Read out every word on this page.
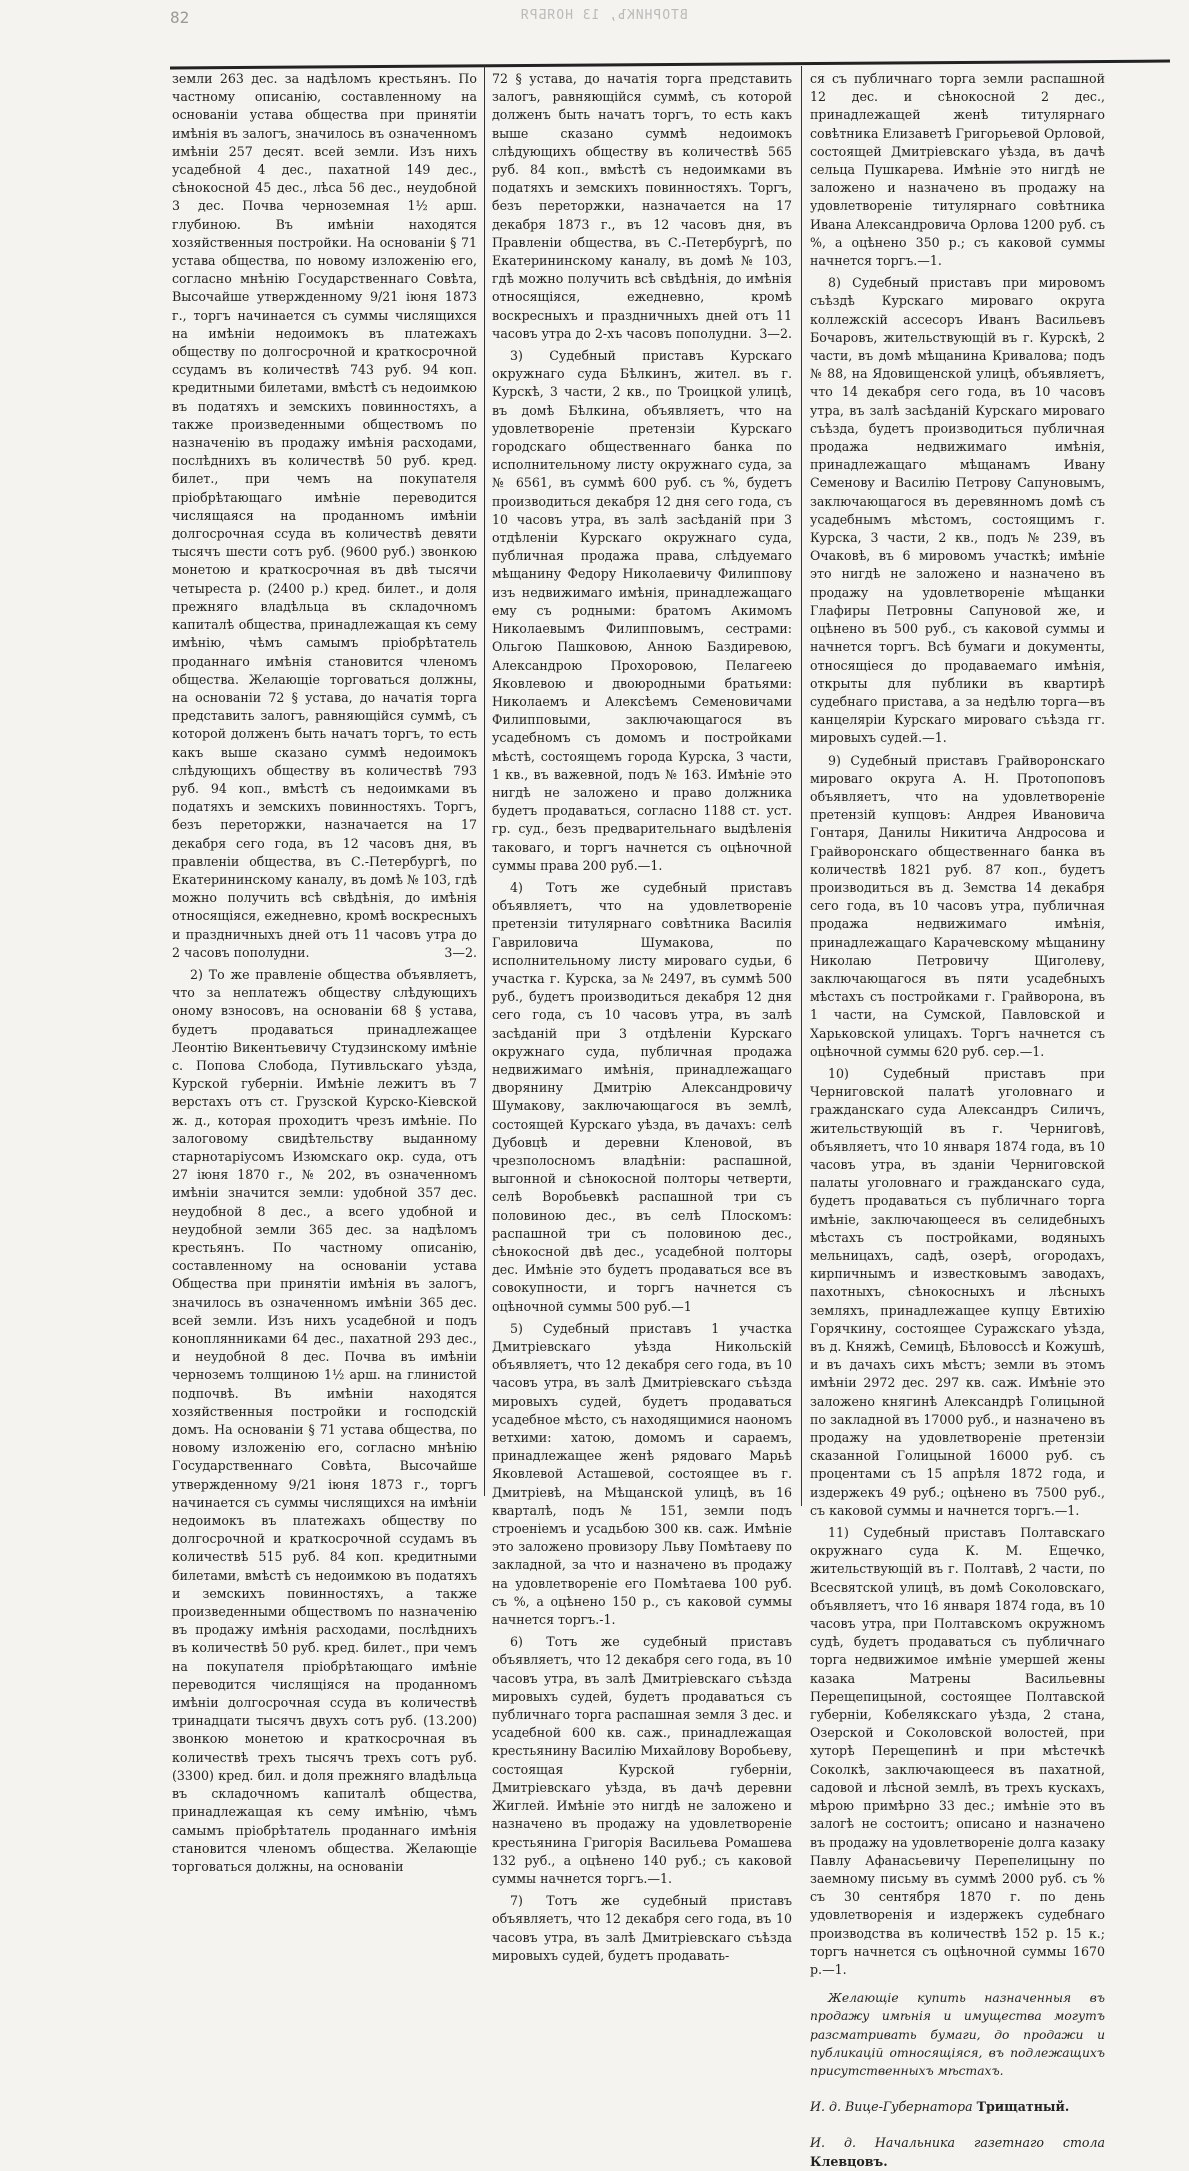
82	ВТОРНИКЪ, 13 НОЯБРЯ

земли 263 дес. за надѣломъ крестьянъ. По частному описанію, составленному на основаніи устава общества при принятіи имѣнія въ залогъ, значилось въ означенномъ имѣніи 257 десят. всей земли. Изъ нихъ усадебной 4 дес., пахатной 149 дес., сѣнокосной 45 дес., лѣса 56 дес., неудобной 3 дес. Почва черноземная 1½ арш. глубиною. Въ имѣніи находятся хозяйственныя постройки. На основаніи § 71 устава общества, по новому изложенію его, согласно мнѣнію Государственнаго Совѣта, Высочайше утвержденному 9/21 іюня 1873 г., торгъ начинается съ суммы числящихся на имѣніи недоимокъ въ платежахъ обществу по долгосрочной и краткосрочной ссудамъ въ количествѣ 743 руб. 94 коп. кредитными билетами, вмѣстѣ съ недоимкою въ податяхъ и земскихъ повинностяхъ, а также произведенными обществомъ по назначенію въ продажу имѣнія расходами, послѣднихъ въ количествѣ 50 руб. кред. билет., при чемъ на покупателя пріобрѣтающаго имѣніе переводится числящаяся на проданномъ имѣніи долгосрочная ссуда въ количествѣ девяти тысячъ шести сотъ руб. (9600 руб.) звонкою монетою и краткосрочная въ двѣ тысячи четыреста р. (2400 р.) кред. билет., и доля прежняго владѣльца въ складочномъ капиталѣ общества, принадлежащая къ сему имѣнію, чѣмъ самымъ пріобрѣтатель проданнаго имѣнія становится членомъ общества. Желающіе торговаться должны, на основаніи 72 § устава, до начатія торга представить залогъ, равняющійся суммѣ, съ которой долженъ быть начатъ торгъ, то есть какъ выше сказано суммѣ недоимокъ слѣдующихъ обществу въ количествѣ 793 руб. 94 коп., вмѣстѣ съ недоимками въ податяхъ и земскихъ повинностяхъ. Торгъ, безъ переторжки, назначается на 17 декабря сего года, въ 12 часовъ дня, въ правленіи общества, въ С.-Петербургѣ, по Екатерининскому каналу, въ домѣ № 103, гдѣ можно получить всѣ свѣдѣнія, до имѣнія относящіяся, ежедневно, кромѣ воскресныхъ и праздничныхъ дней отъ 11 часовъ утра до 2 часовъ пополудни.	3—2.

2) То же правленіе общества объявляетъ, что за неплатежъ обществу слѣдующихъ оному взносовъ, на основаніи 68 § устава, будетъ продаваться принадлежащее Леонтію Викентьевичу Студзинскому имѣніе с. Попова Слобода, Путивльскаго уѣзда, Курской губерніи. Имѣніе лежитъ въ 7 верстахъ отъ ст. Грузской Курско-Кіевской ж. д., которая проходитъ чрезъ имѣніе. По залоговому свидѣтельству выданному старнотаріусомъ Изюмскаго окр. суда, отъ 27 іюня 1870 г., № 202, въ означенномъ имѣніи значится земли: удобной 357 дес. неудобной 8 дес., а всего удобной и неудобной земли 365 дес. за надѣломъ крестьянъ. По частному описанію, составленному на основаніи устава Общества при принятіи имѣнія въ залогъ, значилось въ означенномъ имѣніи 365 дес. всей земли. Изъ нихъ усадебной и подъ коноплянниками 64 дес., пахатной 293 дес., и неудобной 8 дес. Почва въ имѣніи черноземъ толщиною 1½ арш. на глинистой подпочвѣ. Въ имѣніи находятся хозяйственныя постройки и господскій домъ. На основаніи § 71 устава общества, по новому изложенію его, согласно мнѣнію Государственнаго Совѣта, Высочайше утвержденному 9/21 іюня 1873 г., торгъ начинается съ суммы числящихся на имѣніи недоимокъ въ платежахъ обществу по долгосрочной и краткосрочной ссудамъ въ количествѣ 515 руб. 84 коп. кредитными билетами, вмѣстѣ съ недоимкою въ податяхъ и земскихъ повинностяхъ, а также произведенными обществомъ по назначенію въ продажу имѣнія расходами, послѣднихъ въ количествѣ 50 руб. кред. билет., при чемъ на покупателя пріобрѣтающаго имѣніе переводится числящіяся на проданномъ имѣніи долгосрочная ссуда въ количествѣ тринадцати тысячъ двухъ сотъ руб. (13.200) звонкою монетою и краткосрочная въ количествѣ трехъ тысячъ трехъ сотъ руб. (3300) кред. бил. и доля прежняго владѣльца въ складочномъ капиталѣ общества, принадлежащая къ сему имѣнію, чѣмъ самымъ пріобрѣтатель проданнаго имѣнія становится членомъ общества. Желающіе торговаться должны, на основаніи

72 § устава, до начатія торга представить залогъ, равняющійся суммѣ, съ которой долженъ быть начатъ торгъ, то есть какъ выше сказано суммѣ недоимокъ слѣдующихъ обществу въ количествѣ 565 руб. 84 коп., вмѣстѣ съ недоимками въ податяхъ и земскихъ повинностяхъ. Торгъ, безъ переторжки, назначается на 17 декабря 1873 г., въ 12 часовъ дня, въ Правленіи общества, въ С.-Петербургѣ, по Екатерининскому каналу, въ домѣ № 103, гдѣ можно получить всѣ свѣдѣнія, до имѣнія относящіяся, ежедневно, кромѣ воскресныхъ и праздничныхъ дней отъ 11 часовъ утра до 2-хъ часовъ пополудни. 3—2.

3) Судебный приставъ Курскаго окружнаго суда Бѣлкинъ, жител. въ г. Курскѣ, 3 части, 2 кв., по Троицкой улицѣ, въ домѣ Бѣлкина, объявляетъ, что на удовлетвореніе претензіи Курскаго городскаго общественнаго банка по исполнительному листу окружнаго суда, за № 6561, въ суммѣ 600 руб. съ %, будетъ производиться декабря 12 дня сего года, съ 10 часовъ утра, въ залѣ засѣданій при 3 отдѣленіи Курскаго окружнаго суда, публичная продажа права, слѣдуемаго мѣщанину Федору Николаевичу Филиппову изъ недвижимаго имѣнія, принадлежащаго ему съ родными: братомъ Акимомъ Николаевымъ Филипповымъ, сестрами: Ольгою Пашковою, Анною Баздиревою, Александрою Прохоровою, Пелагеею Яковлевою и двоюродными братьями: Николаемъ и Алексѣемъ Семеновичами Филипповыми, заключающагося въ усадебномъ съ домомъ и постройками мѣстѣ, состоящемъ города Курска, 3 части, 1 кв., въ важевной, подъ № 163. Имѣніе это нигдѣ не заложено и право должника будетъ продаваться, согласно 1188 ст. уст. гр. суд., безъ предварительнаго выдѣленія таковаго, и торгъ начнется съ оцѣночной суммы права 200 руб.—1.

4) Тотъ же судебный приставъ объявляетъ, что на удовлетвореніе претензіи титулярнаго совѣтника Василія Гавриловича Шумакова, по исполнительному листу мироваго судьи, 6 участка г. Курска, за № 2497, въ суммѣ 500 руб., будетъ производиться декабря 12 дня сего года, съ 10 часовъ утра, въ залѣ засѣданій при 3 отдѣленіи Курскаго окружнаго суда, публичная продажа недвижимаго имѣнія, принадлежащаго дворянину Дмитрію Александровичу Шумакову, заключающагося въ землѣ, состоящей Курскаго уѣзда, въ дачахъ: селѣ Дубовцѣ и деревни Кленовой, въ чрезполосномъ владѣніи: распашной, выгонной и сѣнокосной полторы четверти, селѣ Воробьевкѣ распашной три съ половиною дес., въ селѣ Плоскомъ: распашной три съ половиною дес., сѣнокосной двѣ дес., усадебной полторы дес. Имѣніе это будетъ продаваться все въ совокупности, и торгъ начнется съ оцѣночной суммы 500 руб.—1

5) Судебный приставъ 1 участка Дмитріевскаго уѣзда Никольскій объявляетъ, что 12 декабря сего года, въ 10 часовъ утра, въ залѣ Дмитріевскаго съѣзда мировыхъ судей, будетъ продаваться усадебное мѣсто, съ находящимися наономъ ветхими: хатою, домомъ и сараемъ, принадлежащее женѣ рядоваго Марьѣ Яковлевой Асташевой, состоящее въ г. Дмитріевѣ, на Мѣщанской улицѣ, въ 16 кварталѣ, подъ № 151, земли подъ строеніемъ и усадьбою 300 кв. саж. Имѣніе это заложено провизору Льву Помѣтаеву по закладной, за что и назначено въ продажу на удовлетвореніе его Помѣтаева 100 руб. съ %, а оцѣнено 150 р., съ каковой суммы начнется торгъ.-1.

6) Тотъ же судебный приставъ объявляетъ, что 12 декабря сего года, въ 10 часовъ утра, въ залѣ Дмитріевскаго съѣзда мировыхъ судей, будетъ продаваться съ публичнаго торга распашная земля 3 дес. и усадебной 600 кв. саж., принадлежащая крестьянину Василію Михайлову Воробьеву, состоящая Курской губерніи, Дмитріевскаго уѣзда, въ дачѣ деревни Жиглей. Имѣніе это нигдѣ не заложено и назначено въ продажу на удовлетвореніе крестьянина Григорія Васильева Ромашева 132 руб., а оцѣнено 140 руб.; съ каковой суммы начнется торгъ.—1.

7) Тотъ же судебный приставъ объявляетъ, что 12 декабря сего года, въ 10 часовъ утра, въ залѣ Дмитріевскаго съѣзда мировыхъ судей, будетъ продавать-

ся съ публичнаго торга земли распашной 12 дес. и сѣнокосной 2 дес., принадлежащей женѣ титулярнаго совѣтника Елизаветѣ Григорьевой Орловой, состоящей Дмитріевскаго уѣзда, въ дачѣ сельца Пушкарева. Имѣніе это нигдѣ не заложено и назначено въ продажу на удовлетвореніе титулярнаго совѣтника Ивана Александровича Орлова 1200 руб. съ %, а оцѣнено 350 р.; съ каковой суммы начнется торгъ.—1.

8) Судебный приставъ при мировомъ съѣздѣ Курскаго мироваго округа коллежскій ассесоръ Иванъ Васильевъ Бочаровъ, жительствующій въ г. Курскѣ, 2 части, въ домѣ мѣщанина Кривалова; подъ № 88, на Ядовищенской улицѣ, объявляетъ, что 14 декабря сего года, въ 10 часовъ утра, въ залѣ засѣданій Курскаго мироваго съѣзда, будетъ производиться публичная продажа недвижимаго имѣнія, принадлежащаго мѣщанамъ Ивану Семенову и Василію Петрову Сапуновымъ, заключающагося въ деревянномъ домѣ съ усадебнымъ мѣстомъ, состоящимъ г. Курска, 3 части, 2 кв., подъ № 239, въ Очаковѣ, въ 6 мировомъ участкѣ; имѣніе это нигдѣ не заложено и назначено въ продажу на удовлетвореніе мѣщанки Глафиры Петровны Сапуновой же, и оцѣнено въ 500 руб., съ каковой суммы и начнется торгъ. Всѣ бумаги и документы, относящіеся до продаваемаго имѣнія, открыты для публики въ квартирѣ судебнаго пристава, а за недѣлю торга—въ канцеляріи Курскаго мироваго съѣзда гг. мировыхъ судей.—1.

9) Судебный приставъ Грайворонскаго мироваго округа А. Н. Протопоповъ объявляетъ, что на удовлетвореніе претензій купцовъ: Андрея Ивановича Гонтаря, Данилы Никитича Андросова и Грайворонскаго общественнаго банка въ количествѣ 1821 руб. 87 коп., будетъ производиться въ д. Земства 14 декабря сего года, въ 10 часовъ утра, публичная продажа недвижимаго имѣнія, принадлежащаго Карачевскому мѣщанину Николаю Петровичу Щиголеву, заключающагося въ пяти усадебныхъ мѣстахъ съ постройками г. Грайворона, въ 1 части, на Сумской, Павловской и Харьковской улицахъ. Торгъ начнется съ оцѣночной суммы 620 руб. сер.—1.

10) Судебный приставъ при Черниговской палатѣ уголовнаго и гражданскаго суда Александръ Силичъ, жительствующій въ г. Черниговѣ, объявляетъ, что 10 января 1874 года, въ 10 часовъ утра, въ зданіи Черниговской палаты уголовнаго и гражданскаго суда, будетъ продаваться съ публичнаго торга имѣніе, заключающееся въ селидебныхъ мѣстахъ съ постройками, водяныхъ мельницахъ, садѣ, озерѣ, огородахъ, кирпичнымъ и известковымъ заводахъ, пахотныхъ, сѣнокосныхъ и лѣсныхъ земляхъ, принадлежащее купцу Евтихію Горячкину, состоящее Суражскаго уѣзда, въ д. Княжѣ, Семицѣ, Бѣловоссѣ и Кожушѣ, и въ дачахъ сихъ мѣстъ; земли въ этомъ имѣніи 2972 дес. 297 кв. саж. Имѣніе это заложено княгинѣ Александрѣ Голицыной по закладной въ 17000 руб., и назначено въ продажу на удовлетвореніе претензіи сказанной Голицыной 16000 руб. съ процентами съ 15 апрѣля 1872 года, и издержекъ 49 руб.; оцѣнено въ 7500 руб., съ каковой суммы и начнется торгъ.—1.

11) Судебный приставъ Полтавскаго окружнаго суда К. М. Ещечко, жительствующій въ г. Полтавѣ, 2 части, по Всесвятской улицѣ, въ домѣ Соколовскаго, объявляетъ, что 16 января 1874 года, въ 10 часовъ утра, при Полтавскомъ окружномъ судѣ, будетъ продаваться съ публичнаго торга недвижимое имѣніе умершей жены казака Матрены Васильевны Перещепицыной, состоящее Полтавской губерніи, Кобелякскаго уѣзда, 2 стана, Озерской и Соколовской волостей, при хуторѣ Перещепинѣ и при мѣстечкѣ Соколкѣ, заключающееся въ пахатной, садовой и лѣсной землѣ, въ трехъ кускахъ, мѣрою примѣрно 33 дес.; имѣніе это въ залогѣ не состоитъ; описано и назначено въ продажу на удовлетвореніе долга казаку Павлу Афанасьевичу Перепелицыну по заемному письму въ суммѣ 2000 руб. съ % съ 30 сентября 1870 г. по день удовлетворенія и издержекъ судебнаго производства въ количествѣ 152 р. 15 к.; торгъ начнется съ оцѣночной суммы 1670 р.—1.

Желающіе купить назначенныя въ продажу имѣнія и имущества могутъ разсматривать бумаги, до продажи и публикацій относящіяся, въ подлежащихъ присутственныхъ мѣстахъ.

И. д. Вице-Губернатора Трищатный.
И. д. Начальника газетнаго стола Клевцовъ.
